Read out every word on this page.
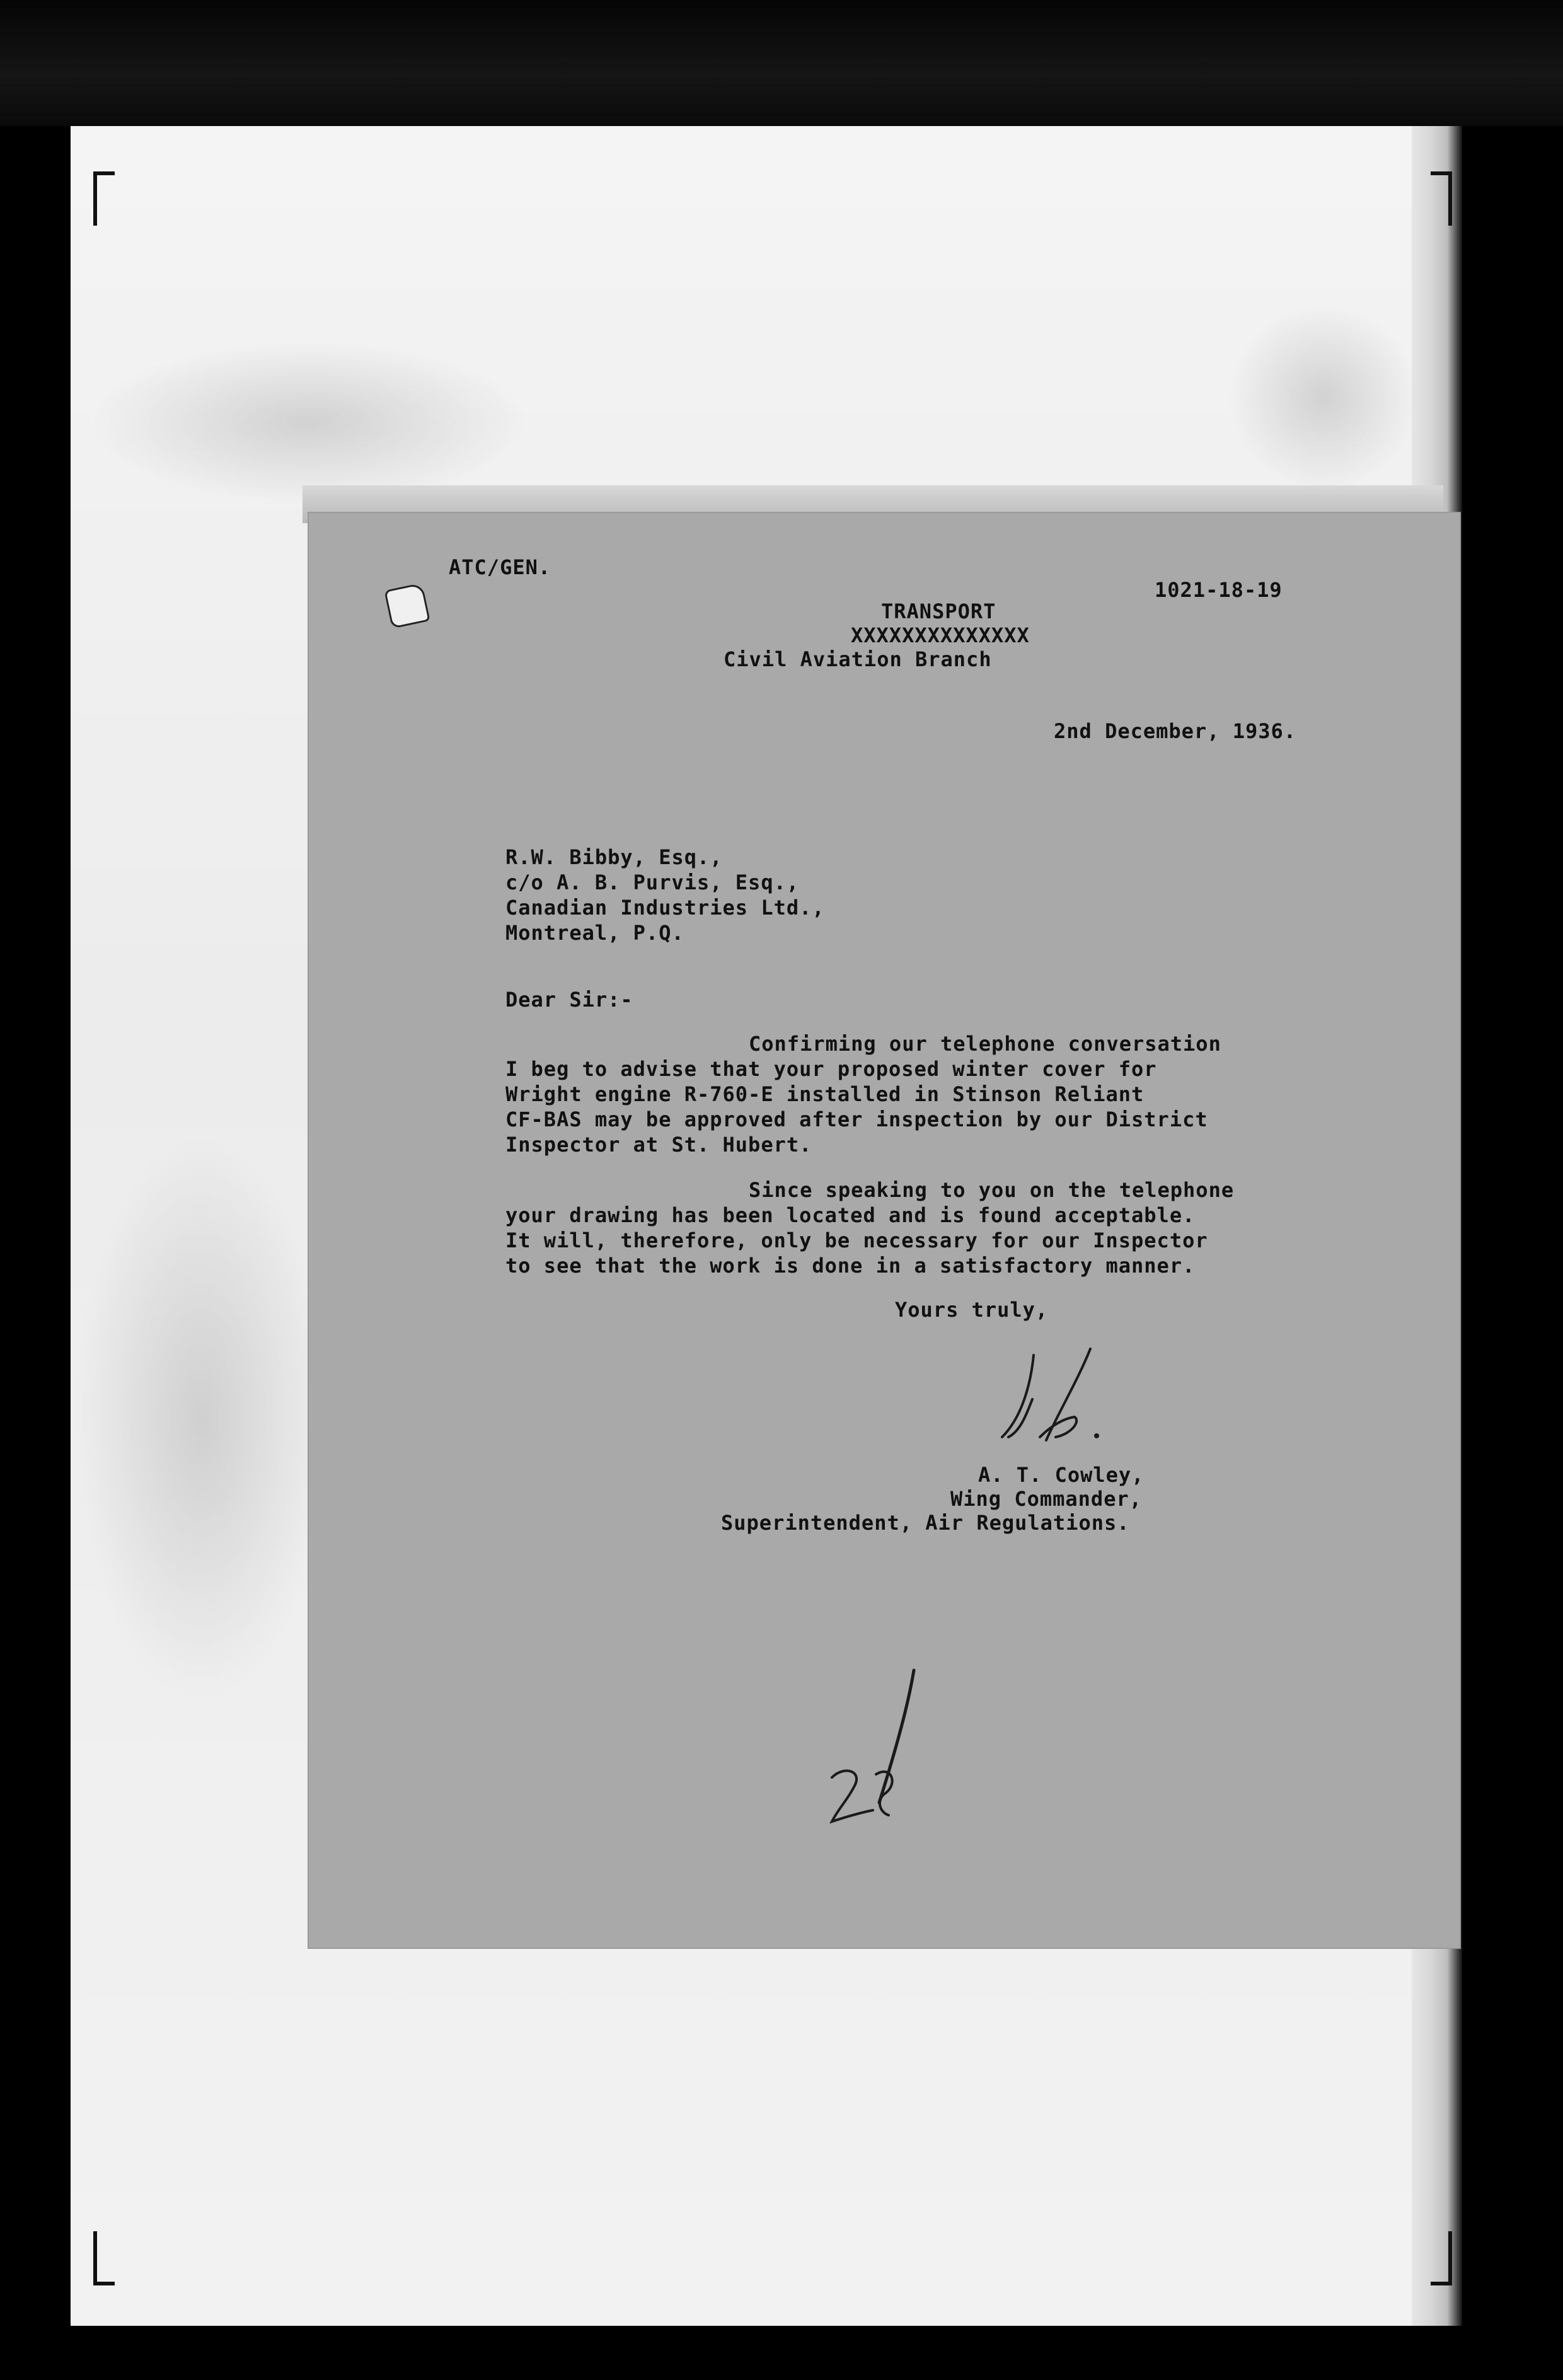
ATC/GEN.
1021-18-19
TRANSPORT
XXXXXXXXXXXXXX
Civil Aviation Branch
2nd December, 1936.
R.W. Bibby, Esq.,
c/o A. B. Purvis, Esq.,
Canadian Industries Ltd.,
Montreal, P.Q.
Dear Sir:-
Confirming our telephone conversation
I beg to advise that your proposed winter cover for
Wright engine R-760-E installed in Stinson Reliant
CF-BAS may be approved after inspection by our District
Inspector at St. Hubert.
Since speaking to you on the telephone
your drawing has been located and is found acceptable.
It will, therefore, only be necessary for our Inspector
to see that the work is done in a satisfactory manner.
Yours truly,
A. T. Cowley,
Wing Commander,
Superintendent, Air Regulations.
